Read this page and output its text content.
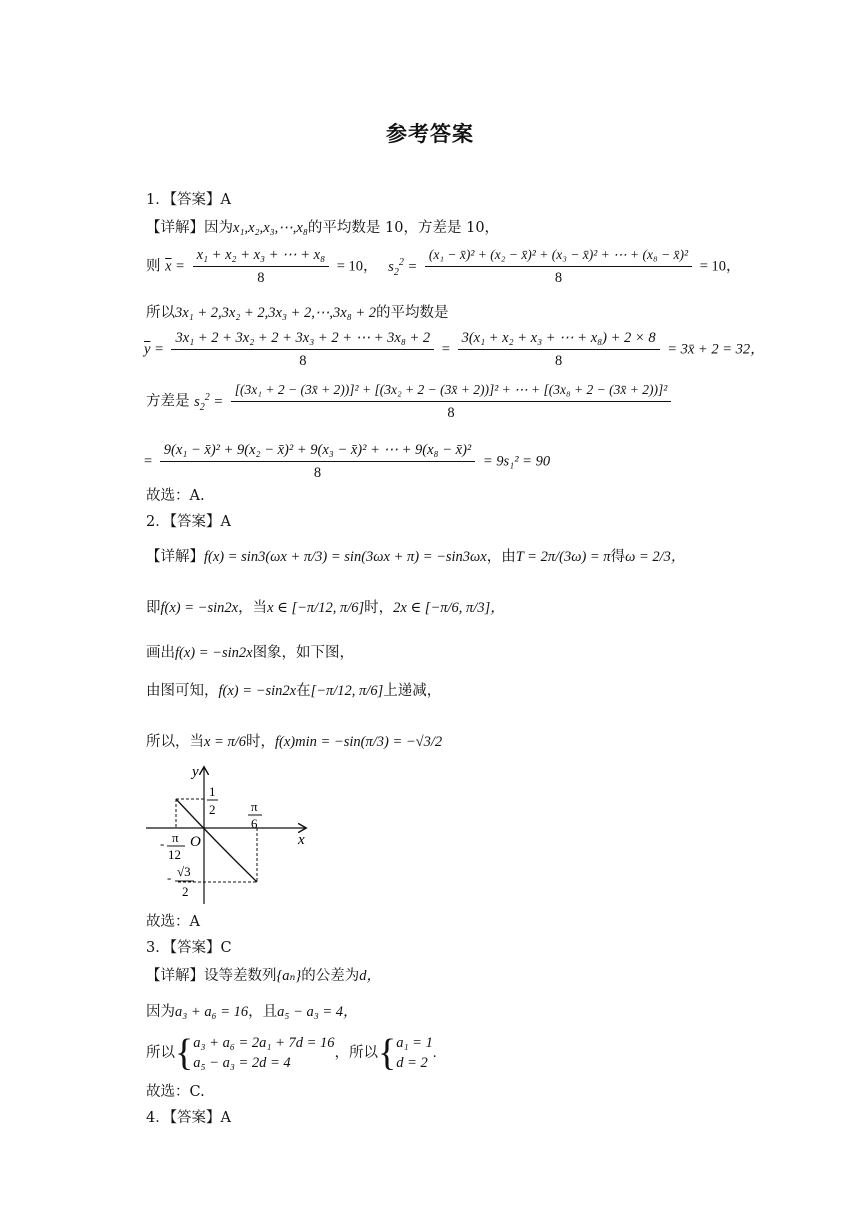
参考答案
1．【答案】A
【详解】因为x₁,x₂,x₃,⋯,x₈的平均数是 10，方差是 10，
则 $\overline{x} = \frac{\text{x₁ + x₂ + x₃ + ⋯ + x₈}}{8} = 10$， $s_2^2 = \frac{\text{(x₁ − x̄)² + (x₂ − x̄)² + (x₃ − x̄)² + ⋯ + (x₈ − x̄)²}}{8} = 10$，
所以3x₁ + 2,3x₂ + 2,3x₃ + 2,⋯,3x₈ + 2的平均数是
$\overline{y} = \frac{\text{3x₁ + 2 + 3x₂ + 2 + 3x₃ + 2 + ⋯ + 3x₈ + 2}}{8} = \frac{\text{3(x₁ + x₂ + x₃ + ⋯ + x₈) + 2 × 8}}{8}$ = 3x̄ + 2 = 32，
方差是 $s_2^2$ =
[(3x₁ + 2 − (3x̄ + 2))]² + [(3x₂ + 2 − (3x̄ + 2))]² + ⋯ + [(3x₈ + 2 − (3x̄ + 2))]²
8
= $\frac{\text{9(x₁ − x̄)² + 9(x₂ − x̄)² + 9(x₃ − x̄)² + ⋯ + 9(x₈ − x̄)²}}{8} = 9s_1^2 = 90$
故选：A.
2．【答案】A
【详解】f(x) = sin3(ωx + π/3) = sin(3ωx + π) = −sin3ωx，由T = 2π/(3ω) = π得ω = 2/3，
即f(x) = −sin2x，当x ∈ [−π/12, π/6]时，2x ∈ [−π/6, π/3]，
画出f(x) = −sin2x图象，如下图，
由图可知，f(x) = −sin2x在[−π/12, π/6]上递减，
所以，当x = π/6时，f(x)min = −sin(π/3) = −√3/2
y
x
O
1
2	π
6
- π
12
- √3
2
故选：A
3．【答案】C
【详解】设等差数列{aₙ}的公差为d，
因为a₃ + a₆ = 16，且a₅ − a₃ = 4，
所以{ a₃ + a₆ = 2a₁ + 7d = 16
a₅ − a₃ = 2d = 4
，所以{ a₁ = 1
d = 2
.
故选：C.
4．【答案】A
